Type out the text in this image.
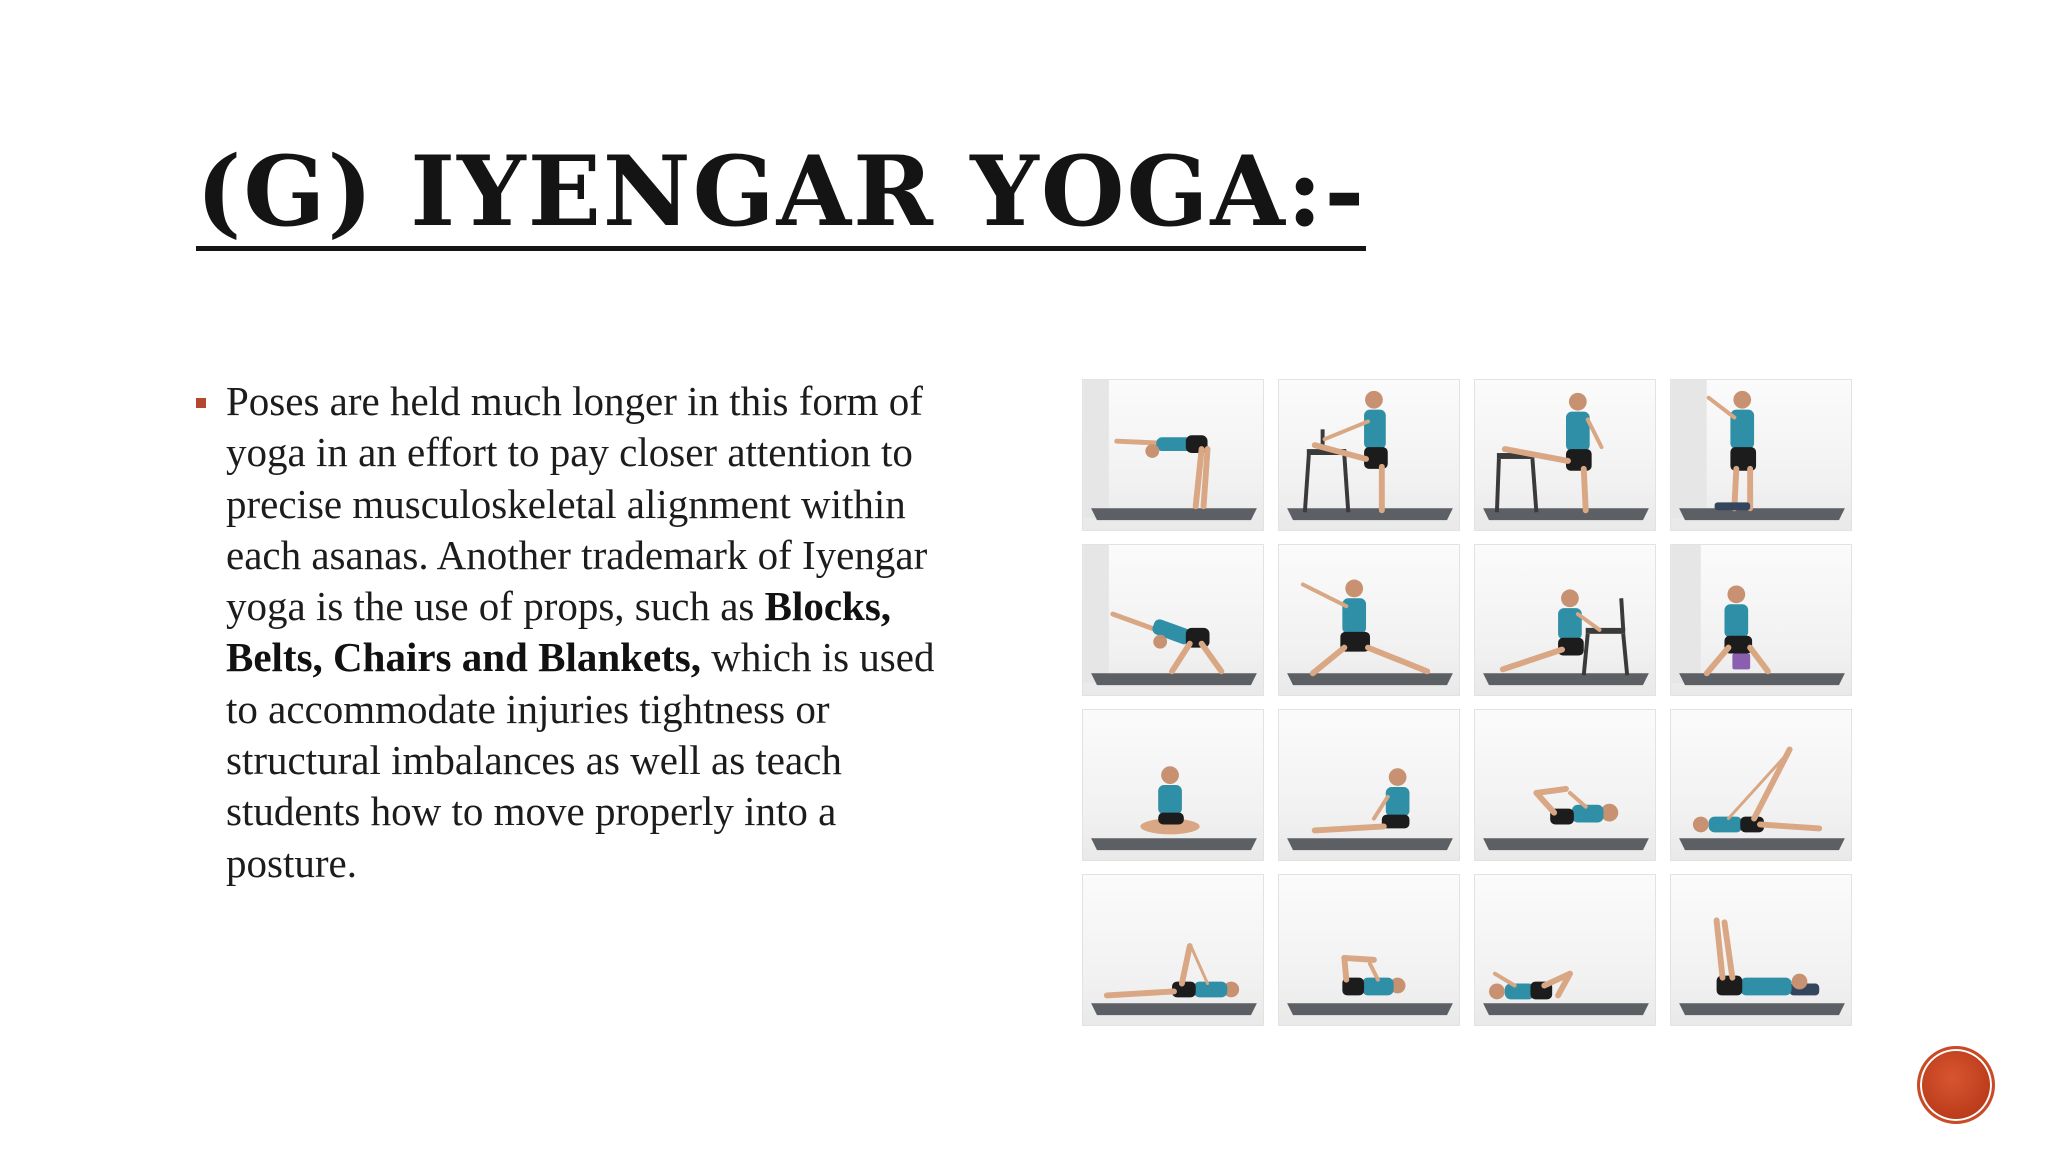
(G) IYENGAR YOGA:-
Poses are held much longer in this form of yoga in an effort to pay closer attention to precise musculoskeletal alignment within each asanas. Another trademark of Iyengar yoga is the use of props, such as Blocks, Belts, Chairs and Blankets, which is used to accommodate injuries tightness or structural imbalances as well as teach students how to move properly into a posture.
